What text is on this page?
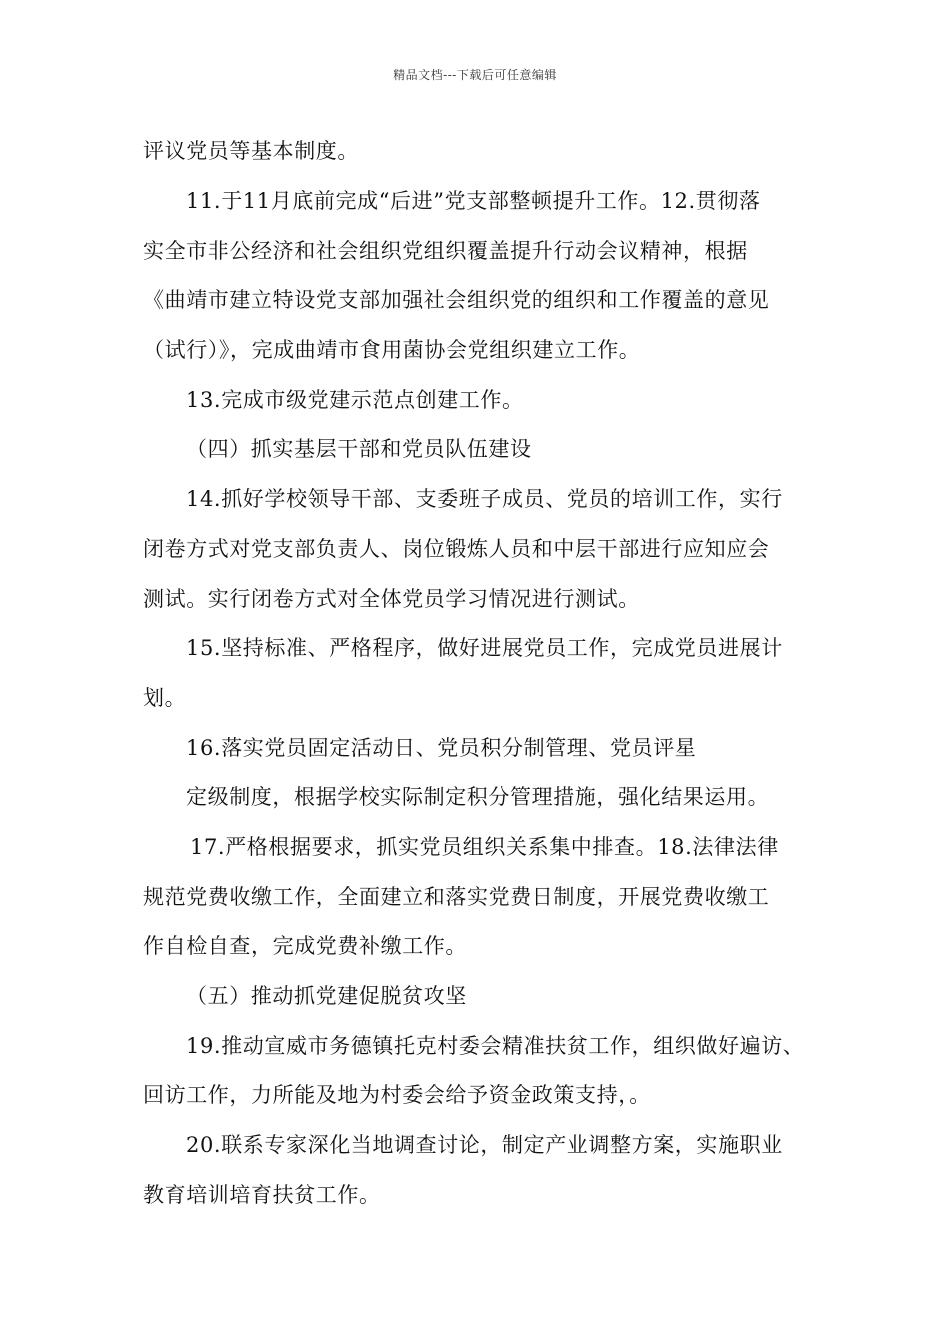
精品文档---下载后可任意编辑
评议党员等基本制度。
11.于11月底前完成“后进”党支部整顿提升工作。12.贯彻落
实全市非公经济和社会组织党组织覆盖提升行动会议精神，根据
《曲靖市建立特设党支部加强社会组织党的组织和工作覆盖的意见
（试行）》，完成曲靖市食用菌协会党组织建立工作。
13.完成市级党建示范点创建工作。
（四）抓实基层干部和党员队伍建设
14.抓好学校领导干部、支委班子成员、党员的培训工作，实行
闭卷方式对党支部负责人、岗位锻炼人员和中层干部进行应知应会
测试。实行闭卷方式对全体党员学习情况进行测试。
15.坚持标准、严格程序，做好进展党员工作，完成党员进展计
划。
16.落实党员固定活动日、党员积分制管理、党员评星
定级制度，根据学校实际制定积分管理措施，强化结果运用。
17.严格根据要求，抓实党员组织关系集中排查。18.法律法律
规范党费收缴工作，全面建立和落实党费日制度，开展党费收缴工
作自检自查，完成党费补缴工作。
（五）推动抓党建促脱贫攻坚
19.推动宣威市务德镇托克村委会精准扶贫工作，组织做好遍访、
回访工作，力所能及地为村委会给予资金政策支持，。
20.联系专家深化当地调查讨论，制定产业调整方案，实施职业
教育培训培育扶贫工作。
